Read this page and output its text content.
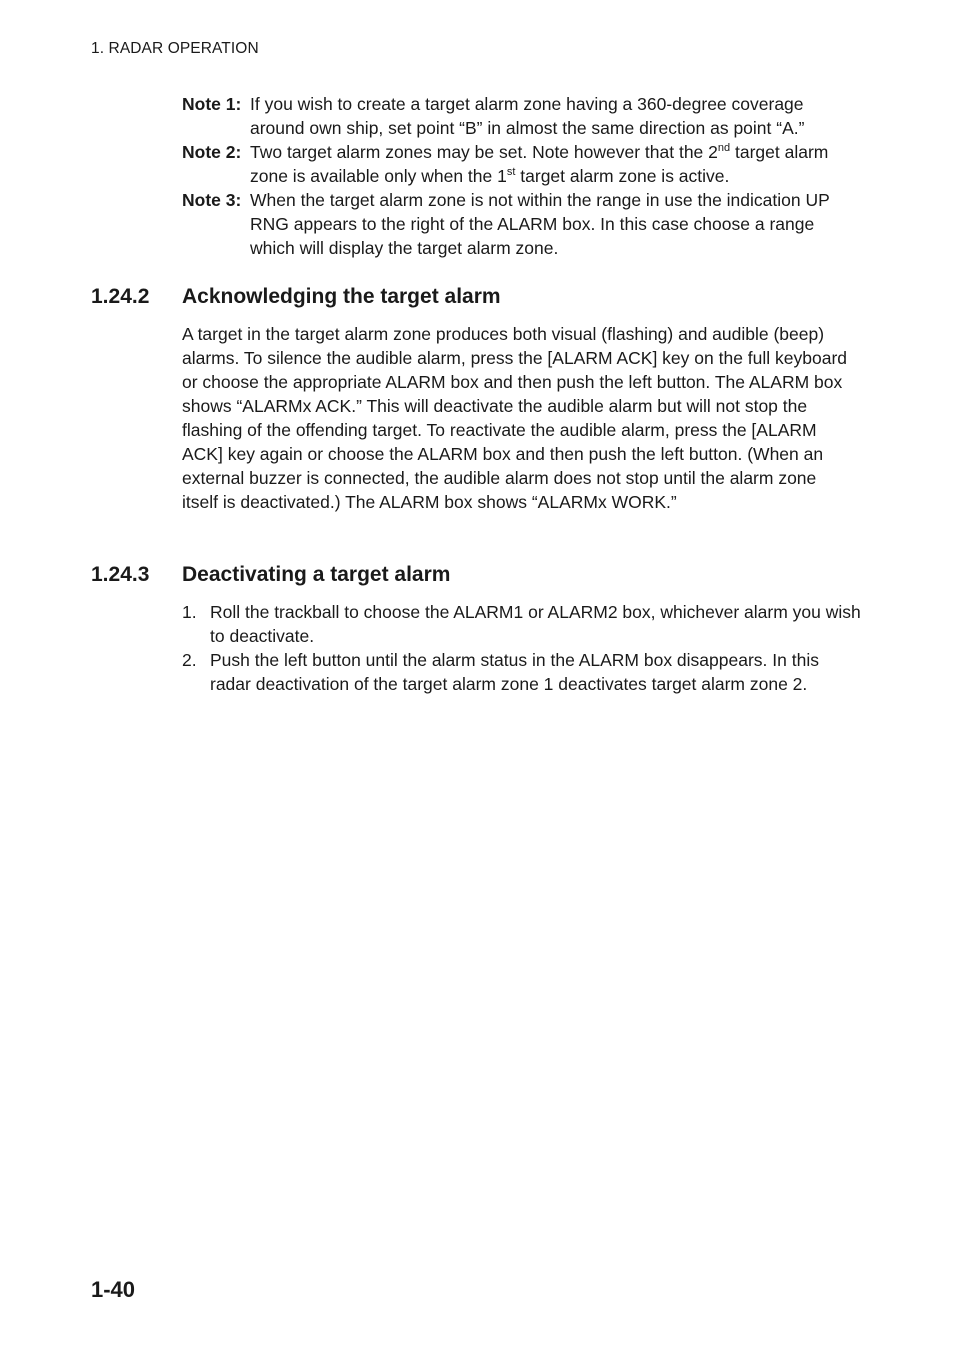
1. RADAR OPERATION
Note 1: If you wish to create a target alarm zone having a 360-degree coverage around own ship, set point “B” in almost the same direction as point “A.”
Note 2: Two target alarm zones may be set. Note however that the 2nd target alarm zone is available only when the 1st target alarm zone is active.
Note 3: When the target alarm zone is not within the range in use the indication UP RNG appears to the right of the ALARM box. In this case choose a range which will display the target alarm zone.
1.24.2 Acknowledging the target alarm
A target in the target alarm zone produces both visual (flashing) and audible (beep) alarms. To silence the audible alarm, press the [ALARM ACK] key on the full keyboard or choose the appropriate ALARM box and then push the left button. The ALARM box shows “ALARMx ACK.” This will deactivate the audible alarm but will not stop the flashing of the offending target. To reactivate the audible alarm, press the [ALARM ACK] key again or choose the ALARM box and then push the left button. (When an external buzzer is connected, the audible alarm does not stop until the alarm zone itself is deactivated.) The ALARM box shows “ALARMx WORK.”
1.24.3 Deactivating a target alarm
1. Roll the trackball to choose the ALARM1 or ALARM2 box, whichever alarm you wish to deactivate.
2. Push the left button until the alarm status in the ALARM box disappears. In this radar deactivation of the target alarm zone 1 deactivates target alarm zone 2.
1-40
